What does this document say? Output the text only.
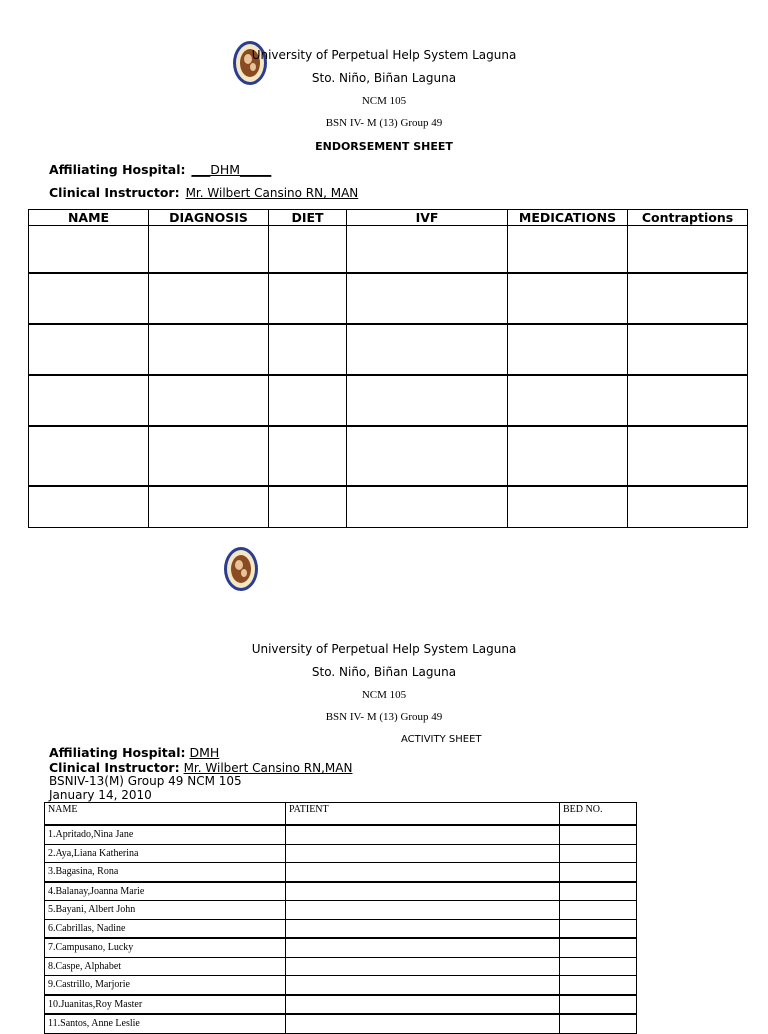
University of Perpetual Help System Laguna
Sto. Niño, Biñan Laguna
NCM 105
BSN IV- M (13) Group 49
ENDORSEMENT SHEET
Affiliating Hospital: ___DHM_____
Clinical Instructor: Mr. Wilbert Cansino RN, MAN
NAME	DIAGNOSIS	DIET	IVF	MEDICATIONS	Contraptions

University of Perpetual Help System Laguna
Sto. Niño, Biñan Laguna
NCM 105
BSN IV- M (13) Group 49
ACTIVITY SHEET
Affiliating Hospital: DMH
Clinical Instructor: Mr. Wilbert Cansino RN,MAN
BSNIV-13(M) Group 49 NCM 105
January 14, 2010
NAME	PATIENT	BED NO.
1.Apritado,Nina Jane		
2.Aya,Liana Katherina		
3.Bagasina, Rona		
4.Balanay,Joanna Marie		
5.Bayani, Albert John		
6.Cabrillas, Nadine		
7.Campusano, Lucky		
8.Caspe, Alphabet		
9.Castrillo, Marjorie		
10.Juanitas,Roy Master		
11.Santos, Anne Leslie		
